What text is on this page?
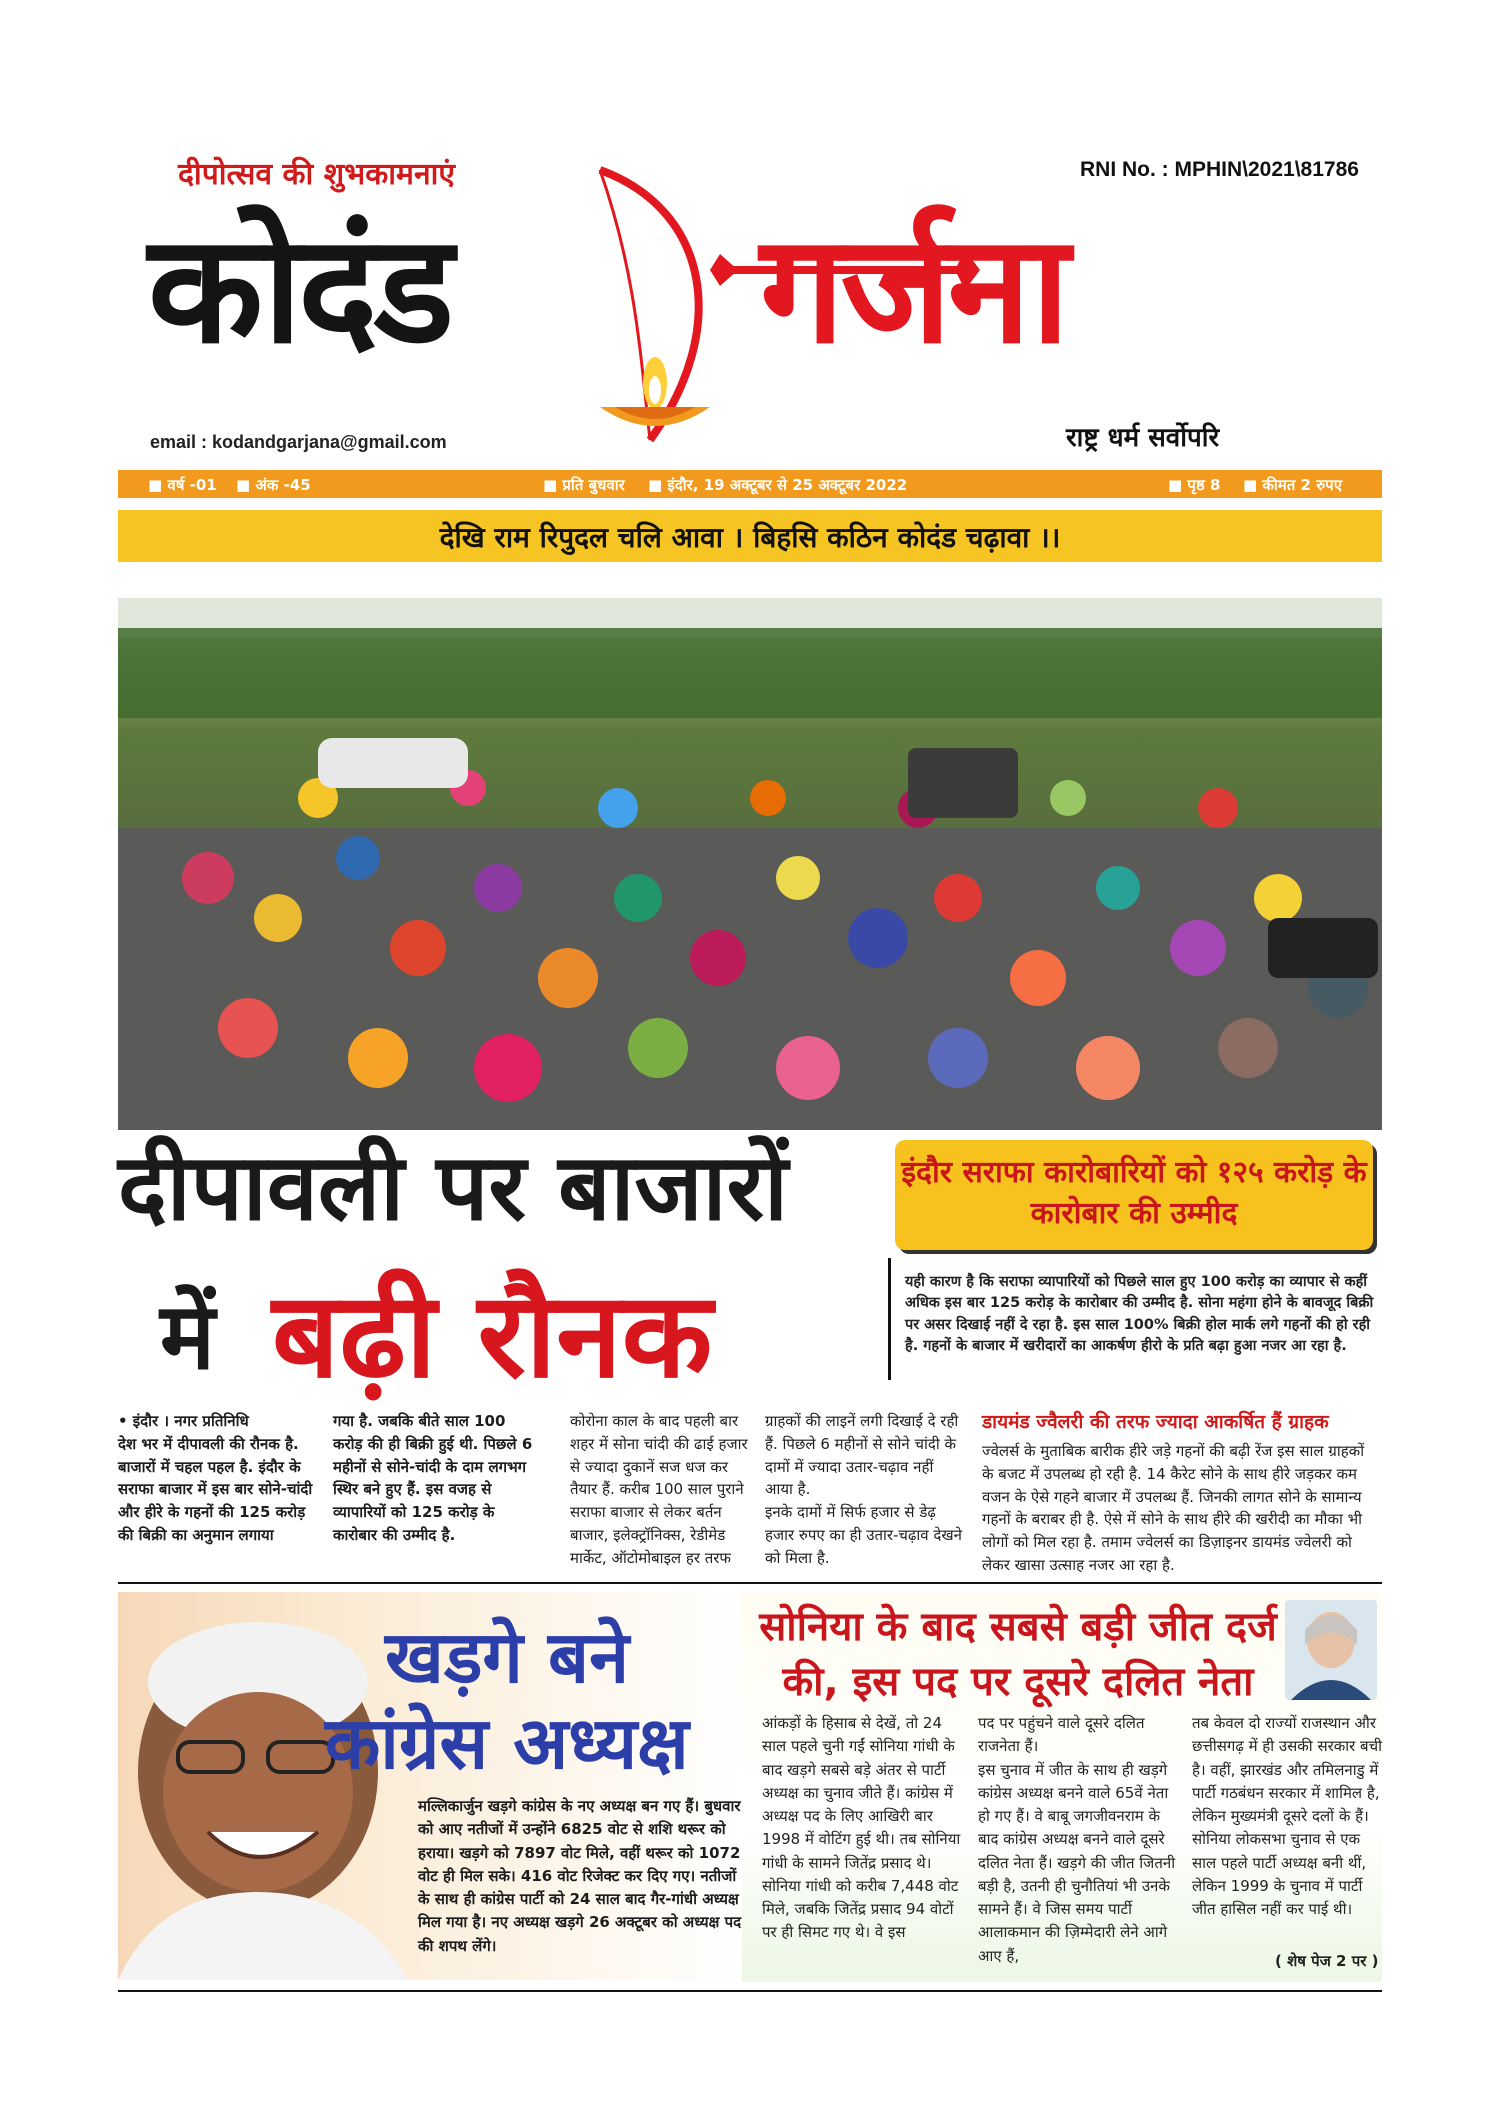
दीपोत्सव की शुभकामनाएं	RNI No. : MPHIN\2021\81786
कोदंड गर्जना
राष्ट्र धर्म सर्वोपरि
email : kodandgarjana@gmail.com
■ वर्ष -01 ■ अंक -45	■ प्रति बुधवार ■ इंदौर, 19 अक्टूबर से 25 अक्टूबर 2022	■ पृष्ठ 8 ■ कीमत 2 रुपए
देखि राम रिपुदल चलि आवा । बिहसि कठिन कोदंड चढ़ावा ।।
दीपावली पर बाजारों
में बढ़ी रौनक
इंदौर सराफा कारोबारियों को १२५ करोड़ के कारोबार की उम्मीद
यही कारण है कि सराफा व्यापारियों को पिछले साल हुए 100 करोड़ का व्यापार से कहीं अधिक इस बार 125 करोड़ के कारोबार की उम्मीद है. सोना महंगा होने के बावजूद बिक्री पर असर दिखाई नहीं दे रहा है. इस साल 100% बिक्री होल मार्क लगे गहनों की हो रही है. गहनों के बाजार में खरीदारों का आकर्षण हीरो के प्रति बढ़ा हुआ नजर आ रहा है.
• इंदौर । नगर प्रतिनिधि
देश भर में दीपावली की रौनक है. बाजारों में चहल पहल है. इंदौर के सराफा बाजार में इस बार सोने-चांदी और हीरे के गहनों की 125 करोड़ की बिक्री का अनुमान लगाया
गया है. जबकि बीते साल 100 करोड़ की ही बिक्री हुई थी. पिछले 6 महीनों से सोने-चांदी के दाम लगभग स्थिर बने हुए हैं. इस वजह से व्यापारियों को 125 करोड़ के कारोबार की उम्मीद है.
कोरोना काल के बाद पहली बार शहर में सोना चांदी की ढाई हजार से ज्यादा दुकानें सज धज कर तैयार हैं. करीब 100 साल पुराने सराफा बाजार से लेकर बर्तन बाजार, इलेक्ट्रॉनिक्स, रेडीमेड मार्केट, ऑटोमोबाइल हर तरफ
ग्राहकों की लाइनें लगी दिखाई दे रही हैं. पिछले 6 महीनों से सोने चांदी के दामों में ज्यादा उतार-चढ़ाव नहीं आया है.
इनके दामों में सिर्फ हजार से डेढ़ हजार रुपए का ही उतार-चढ़ाव देखने को मिला है.
डायमंड ज्वैलरी की तरफ ज्यादा आकर्षित हैं ग्राहक
ज्वेलर्स के मुताबिक बारीक हीरे जड़े गहनों की बढ़ी रेंज इस साल ग्राहकों के बजट में उपलब्ध हो रही है. 14 कैरेट सोने के साथ हीरे जड़कर कम वजन के ऐसे गहने बाजार में उपलब्ध हैं. जिनकी लागत सोने के सामान्य गहनों के बराबर ही है. ऐसे में सोने के साथ हीरे की खरीदी का मौका भी लोगों को मिल रहा है. तमाम ज्वेलर्स का डिज़ाइनर डायमंड ज्वेलरी को लेकर खासा उत्साह नजर आ रहा है.
खड़गे बने
कांग्रेस अध्यक्ष
मल्लिकार्जुन खड़गे कांग्रेस के नए अध्यक्ष बन गए हैं। बुधवार को आए नतीजों में उन्होंने 6825 वोट से शशि थरूर को हराया। खड़गे को 7897 वोट मिले, वहीं थरूर को 1072 वोट ही मिल सके। 416 वोट रिजेक्ट कर दिए गए। नतीजों के साथ ही कांग्रेस पार्टी को 24 साल बाद गैर-गांधी अध्यक्ष मिल गया है। नए अध्यक्ष खड़गे 26 अक्टूबर को अध्यक्ष पद की शपथ लेंगे।
सोनिया के बाद सबसे बड़ी जीत दर्ज की, इस पद पर दूसरे दलित नेता
आंकड़ों के हिसाब से देखें, तो 24 साल पहले चुनी गईं सोनिया गांधी के बाद खड़गे सबसे बड़े अंतर से पार्टी अध्यक्ष का चुनाव जीते हैं। कांग्रेस में अध्यक्ष पद के लिए आखिरी बार 1998 में वोटिंग हुई थी। तब सोनिया गांधी के सामने जितेंद्र प्रसाद थे। सोनिया गांधी को करीब 7,448 वोट मिले, जबकि जितेंद्र प्रसाद 94 वोटों पर ही सिमट गए थे। वे इस
पद पर पहुंचने वाले दूसरे दलित राजनेता हैं।
इस चुनाव में जीत के साथ ही खड़गे कांग्रेस अध्यक्ष बनने वाले 65वें नेता हो गए हैं। वे बाबू जगजीवनराम के बाद कांग्रेस अध्यक्ष बनने वाले दूसरे दलित नेता हैं। खड़गे की जीत जितनी बड़ी है, उतनी ही चुनौतियां भी उनके सामने हैं। वे जिस समय पार्टी आलाकमान की ज़िम्मेदारी लेने आगे आए हैं,
तब केवल दो राज्यों राजस्थान और छत्तीसगढ़ में ही उसकी सरकार बची है। वहीं, झारखंड और तमिलनाडु में पार्टी गठबंधन सरकार में शामिल है, लेकिन मुख्यमंत्री दूसरे दलों के हैं।
सोनिया लोकसभा चुनाव से एक साल पहले पार्टी अध्यक्ष बनी थीं, लेकिन 1999 के चुनाव में पार्टी जीत हासिल नहीं कर पाई थी।
( शेष पेज 2 पर )
